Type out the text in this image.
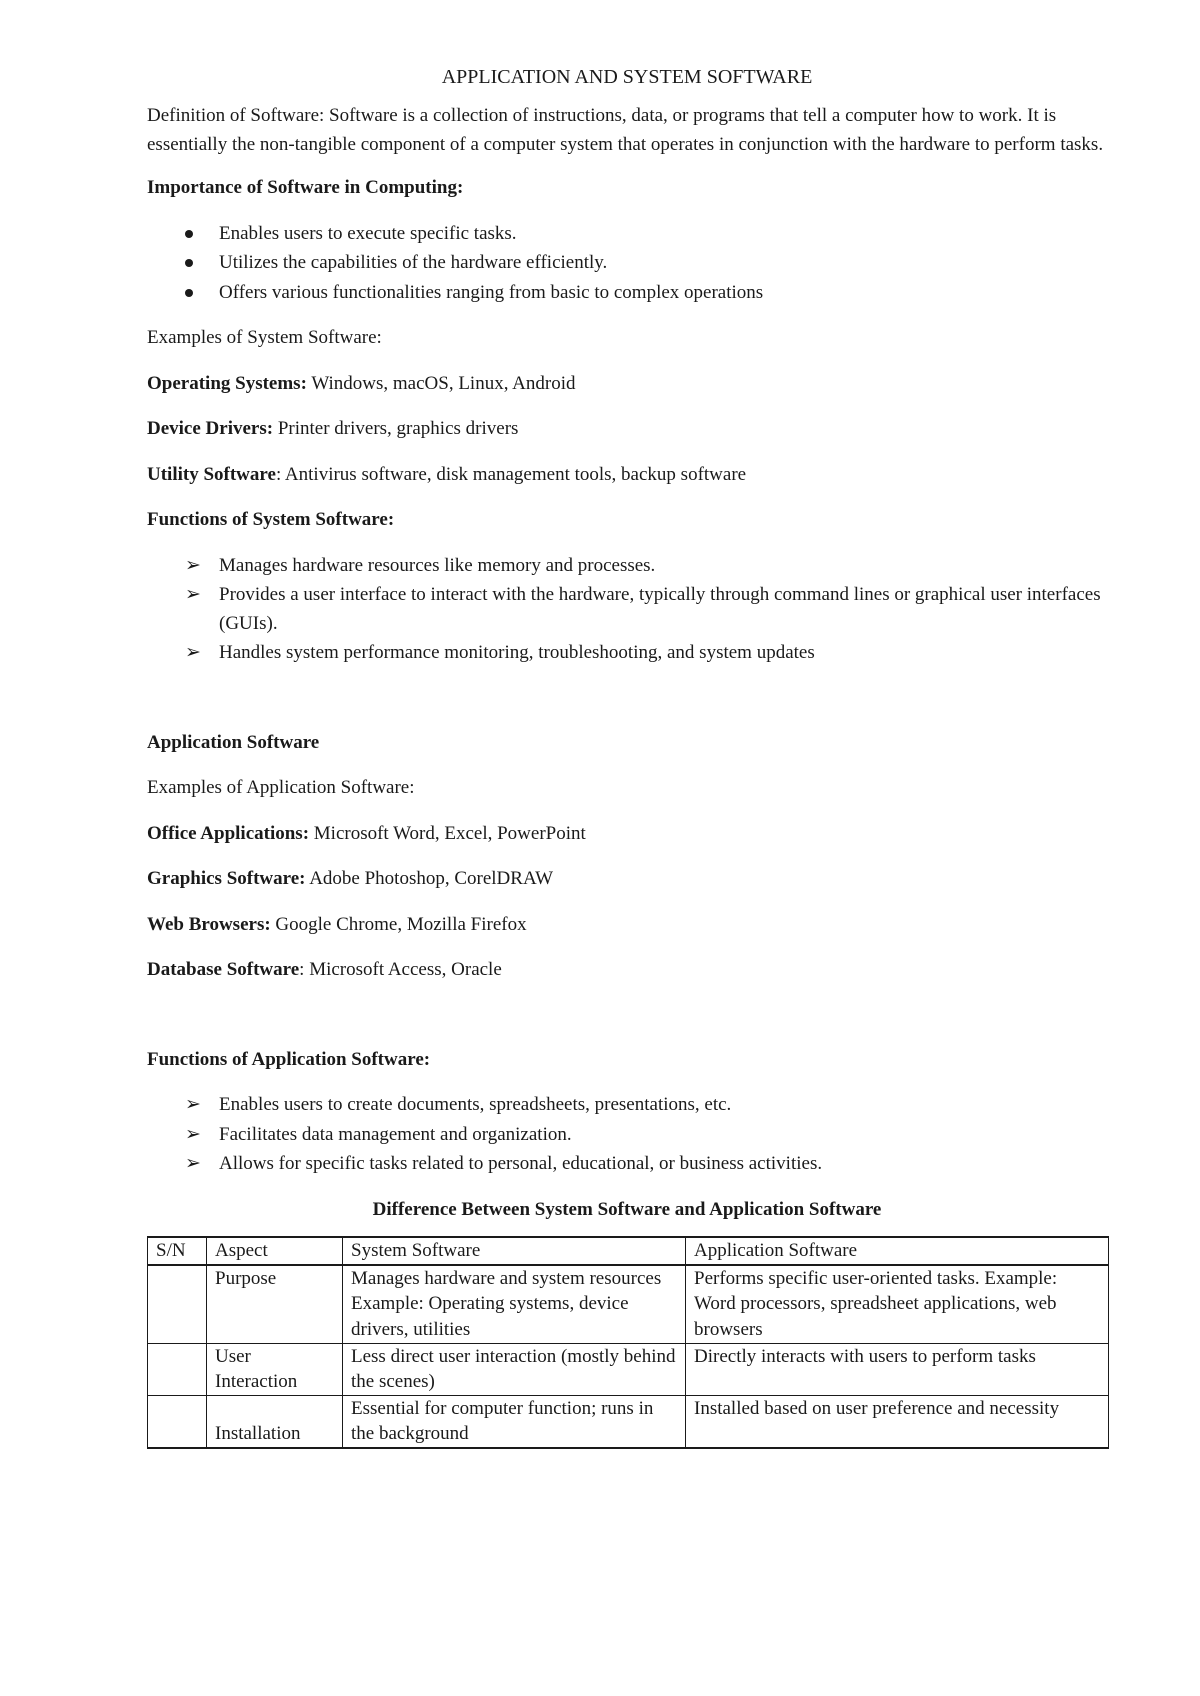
APPLICATION AND SYSTEM SOFTWARE

Definition of Software: Software is a collection of instructions, data, or programs that tell a computer how to work. It is essentially the non-tangible component of a computer system that operates in conjunction with the hardware to perform tasks.

Importance of Software in Computing:

Enables users to execute specific tasks.
Utilizes the capabilities of the hardware efficiently.
Offers various functionalities ranging from basic to complex operations

Examples of System Software:

Operating Systems: Windows, macOS, Linux, Android

Device Drivers: Printer drivers, graphics drivers

Utility Software: Antivirus software, disk management tools, backup software

Functions of System Software:

➢ Manages hardware resources like memory and processes.
➢ Provides a user interface to interact with the hardware, typically through command lines or graphical user interfaces (GUIs).
➢ Handles system performance monitoring, troubleshooting, and system updates

Application Software

Examples of Application Software:

Office Applications: Microsoft Word, Excel, PowerPoint

Graphics Software: Adobe Photoshop, CorelDRAW

Web Browsers: Google Chrome, Mozilla Firefox

Database Software: Microsoft Access, Oracle

Functions of Application Software:

➢ Enables users to create documents, spreadsheets, presentations, etc.
➢ Facilitates data management and organization.
➢ Allows for specific tasks related to personal, educational, or business activities.

Difference Between System Software and Application Software

S/N	Aspect	System Software	Application Software
	Purpose	Manages hardware and system resources Example: Operating systems, device drivers, utilities	Performs specific user-oriented tasks. Example: Word processors, spreadsheet applications, web browsers
	User Interaction	Less direct user interaction (mostly behind the scenes)	Directly interacts with users to perform tasks
	Installation	Essential for computer function; runs in the background	Installed based on user preference and necessity
